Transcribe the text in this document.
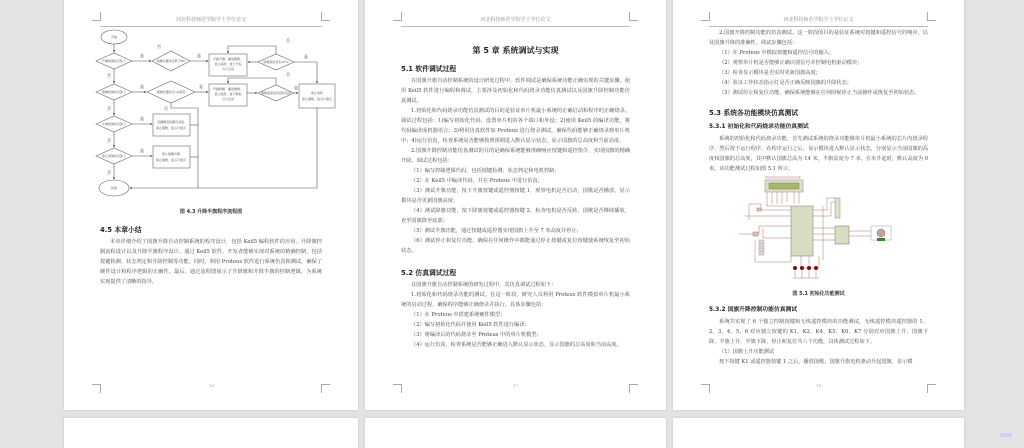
河北科技师范学院学士学位论文
开始
升旗按键是否按下	国旗位置是否低于0m	开始升旗、播放国歌、
显示高度、按上升指
示灯点亮
国旗高度是否≥7m
降旗按键是否按下	国旗位置是否>0高度
开始降旗、播放国歌、
显示高度、按下降指
示灯点亮
国旗高度是否到达底部	停止电机
停止国歌、指示灯熄灭
半旗按键是否按下	国旗降至国旗半高处
停止国歌、指示灯熄灭
停止按键是否按下	停止国旗升降
停止国歌、指示灯熄灭
结束
是	是
否
否
是
否
是	是
否
是
否
否
是
否
是
否
图 4.3 升降半旗程序流程图
4.5 本章小结

本章详细介绍了国旗升降自动控制系统的程序设计，包括 Keil5 编程软件的应用、升降旗控制流程设计以及升降半旗程序设计。通过 Keil5 软件，开发者能够实现对系统的精确控制，包括按键检测、状态判定和升降控制等功能。同时，利用 Proteus 软件进行系统仿真和测试，确保了硬件设计和程序逻辑的正确性。最后，通过流程图展示了升降旗和升降半旗的控制逻辑，为系统实现提供了清晰的指导。

16
河北科技师范学院学士学位论文
第 5 章 系统调试与实现
5.1 软件调试过程

在国旗升旗自动控制系统的设计研发过程中，软件调试是确保系统功能正确实现的关键步骤。使用 Keil5 软件进行编程和调试，主要涉及初始化和代码烧录功能仿真测试以及国旗升降控制功能仿真测试。

1.初始化和代码烧录功能仿真测试的目的是验证单片机最小系统的正确启动和程序的正确烧录。调试过程包括：1)编写初始化代码，设置单片机的各个端口和外设；2)使用 Keil5 的编译功能，将代码编译成机器语言；3)利用仿真软件如 Proteus 进行烧录测试，确保代码能够正确烧录到单片机中；4)运行仿真，检查系统是否能够按照预期进入默认显示状态，显示国旗的总高度和当前高度。

2.国旗升降控制功能仿真测试的目的是确保系统能够准确响应按键和遥控指令，实现国旗的精确升降。调试过程包括：

（1）编写控制逻辑代码，包括按键检测、状态判定和电机控制；

（2）在 Keil5 中编译代码，并在 Proteus 中进行仿真；

（3）测试升旗功能，按下升旗按键或遥控器按键 1，观察电机是否启动，国歌是否播放，显示模块是否更新国旗高度；

（4）测试降旗功能，按下降旗按键或遥控器按键 2，检查电机是否反转，国歌是否继续播放，直至国旗降至底部；

（5）测试半旗功能，通过按键或遥控器实现国旗上升至 7 米高度并停止；

（6）测试停止和复位功能，确保在任何操作中都能通过停止按键或复位按键使系统恢复至初始状态。

5.2 仿真调试过程

在国旗升旗自动控制系统的研发过程中，其仿真调试过程如下：

1.初始化和代码烧录功能的测试。在这一阶段，研究人员利用 Proteus 软件模拟单片机最小系统的启动过程，确保程序能够正确烧录并执行。具体步骤包括：

（1）在 Proteus 中搭建系统硬件模型；

（2）编写初始化代码并使用 Keil5 软件进行编译；

（3）将编译后的代码烧录至 Proteus 中的单片机模型；

（4）运行仿真，检查系统是否能够正确进入默认显示状态，显示国旗的总高度和当前高度。

17
河北科技师范学院学士学位论文

2.国旗升降控制功能的仿真测试。这一阶段的目的是验证系统对按键和遥控信号的响应，以及国旗升降的准确性。调试步骤包括：

（1）在 Proteus 中模拟按键和遥控信号的输入；

（2）观察单片机是否能够正确识别信号并控制电机驱动模块；

（3）检查显示模块是否实时更新国旗高度；

（4）验证工作状态指示灯是否正确反映国旗的升降状态；

（5）测试停止和复位功能，确保系统能够在任何时候停止当前操作或恢复至初始状态。

5.3 系统各功能模块仿真测试
5.3.1 初始化和代码烧录功能仿真测试

系统的初始化和代码烧录功能，首先测试系统的烧录功能像单片机最小系统的芯片内烧录程序，然后按下运行程序，在程序运行之后，显示模块进入默认显示状态，分别显示当前国旗的高度和国旗的总高度，其中默认国旗总高为 14 米，半旗高度为 7 米，在未升起时，默认高度为 0 米。该功能测试过程如图 5.1 所示。

图 5.1 初始化功能测试
5.3.2 国旗升降控制功能仿真测试

系统共实现了 6 个独立控制按键和无线遥控模块的功能测试，无线遥控模块遥控器的 1、2、3、4、5、6 对应独立按键的 K1、K2、K4、K5、K6、K7 分别对应国旗上升、国旗下降、半旗上升、半旗下降、停止和复位共六个功能。具体测试过程如下。

（1）国旗上升功能测试

按下按键 K1 或遥控器按键 1 之后，播放国歌，国旗升旗电机驱动升起国旗，显示模

18
